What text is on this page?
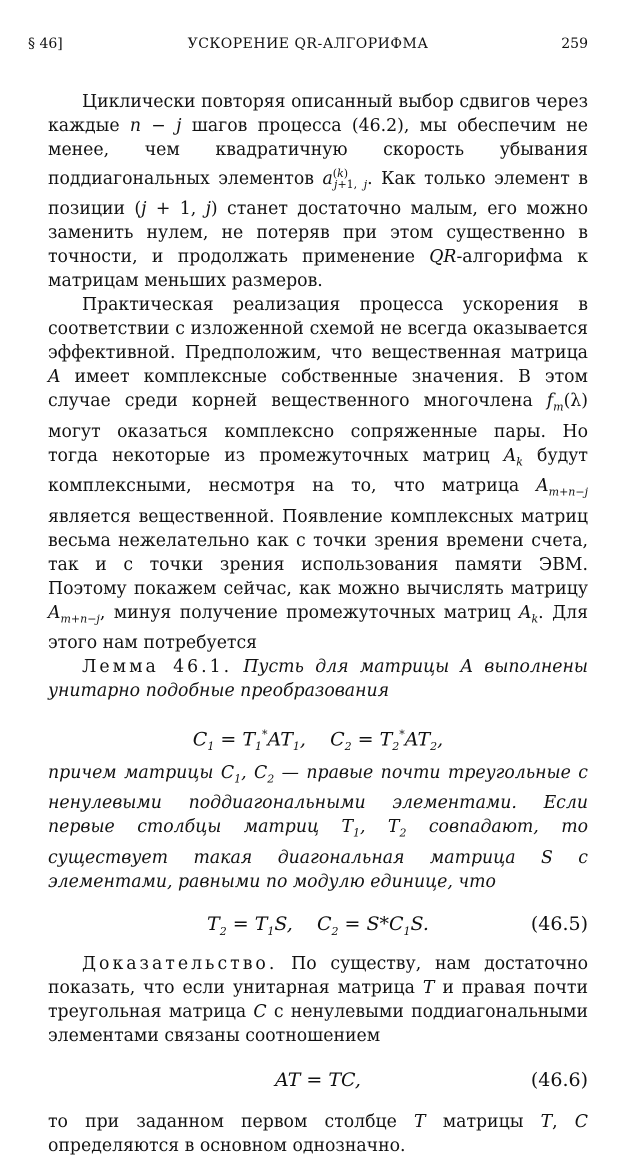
§ 46]	УСКОРЕНИЕ QR-АЛГОРИФМА	259

Циклически повторяя описанный выбор сдвигов через каждые n − j шагов процесса (46.2), мы обеспечим не менее, чем квадратичную скорость убывания поддиагональных элементов $a^{(k)}_{j+1, j}$. Как только элемент в позиции (j + 1, j) станет достаточно малым, его можно заменить нулем, не потеряв при этом существенно в точности, и продолжать применение QR-алгорифма к матрицам меньших размеров.

Практическая реализация процесса ускорения в соответствии с изложенной схемой не всегда оказывается эффективной. Предположим, что вещественная матрица A имеет комплексные собственные значения. В этом случае среди корней вещественного многочлена $f_m(\lambda)$ могут оказаться комплексно сопряженные пары. Но тогда некоторые из промежуточных матриц $A_k$ будут комплексными, несмотря на то, что матрица $A_{m+n-j}$ является вещественной. Появление комплексных матриц весьма нежелательно как с точки зрения времени счета, так и с точки зрения использования памяти ЭВМ. Поэтому покажем сейчас, как можно вычислять матрицу $A_{m+n-j}$, минуя получение промежуточных матриц $A_k$. Для этого нам потребуется

Лемма 46.1. Пусть для матрицы A выполнены унитарно подобные преобразования

$C_1 = T_1^*AT_1$,    $C_2 = T_2^*AT_2$,

причем матрицы $C_1$, $C_2$ — правые почти треугольные с ненулевыми поддиагональными элементами. Если первые столбцы матриц $T_1$, $T_2$ совпадают, то существует такая диагональная матрица S с элементами, равными по модулю единице, что

$T_2 = T_1S$,    $C_2 = S*C_1S$.	(46.5)

Доказательство. По существу, нам достаточно показать, что если унитарная матрица T и правая почти треугольная матрица C с ненулевыми поддиагональными элементами связаны соотношением

AT = TC,	(46.6)

то при заданном первом столбце T матрицы T, C определяются в основном однозначно.
